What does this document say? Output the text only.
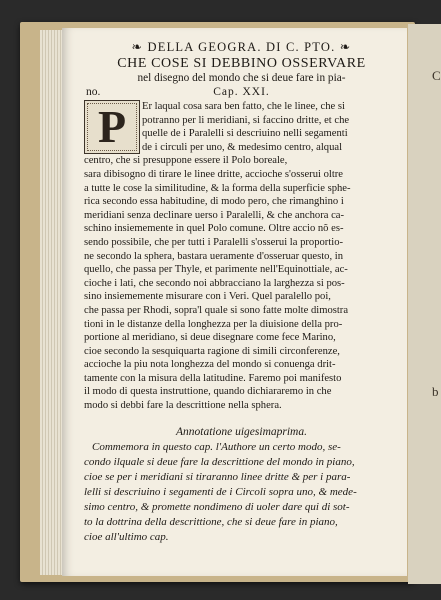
C
b
❧ DELLA GEOGRA. DI C. PTO. ❧
CHE COSE SI DEBBINO OSSERVARE
nel disegno del mondo che si deue fare in pia-
no.	Cap. XXI.
P	Er laqual cosa sara ben fatto, che le linee, che si
potranno per li meridiani, si faccino dritte, et che
quelle de i Paralelli si descriuino nelli segamenti
de i circuli per uno, & medesimo centro, alqual
centro, che si presuppone essere il Polo boreale,
sara dibisogno di tirare le linee dritte, accioche s'osserui oltre
a tutte le cose la similitudine, & la forma della superficie sphe-
rica secondo essa habitudine, di modo pero, che rimanghino i
meridiani senza declinare uerso i Paralelli, & che anchora ca-
schino insiememente in quel Polo comune. Oltre accio nõ es-
sendo possibile, che per tutti i Paralelli s'osserui la proportio-
ne secondo la sphera, bastara ueramente d'osseruar questo, in
quello, che passa per Thyle, et parimente nell'Equinottiale, ac-
cioche i lati, che secondo noi abbracciano la larghezza si pos-
sino insiememente misurare con i Veri. Quel paralello poi,
che passa per Rhodi, sopra'l quale si sono fatte molte dimostra
tioni in le distanze della longhezza per la diuisione della pro-
portione al meridiano, si deue disegnare come fece Marino,
cioe secondo la sesquiquarta ragione di simili circonferenze,
accioche la piu nota longhezza del mondo si conuenga drit-
tamente con la misura della latitudine. Faremo poi manifesto
il modo di questa instruttione, quando dichiararemo in che
modo si debbi fare la descrittione nella sphera.
Annotatione uigesimaprima.
Commemora in questo cap. l'Authore un certo modo, se-
condo ilquale si deue fare la descrittione del mondo in piano,
cioe se per i meridiani si tiraranno linee dritte & per i para-
lelli si descriuino i segamenti de i Circoli sopra uno, & mede-
simo centro, & promette nondimeno di uoler dare qui di sot-
to la dottrina della descrittione, che si deue fare in piano,
cioe all'ultimo cap.
